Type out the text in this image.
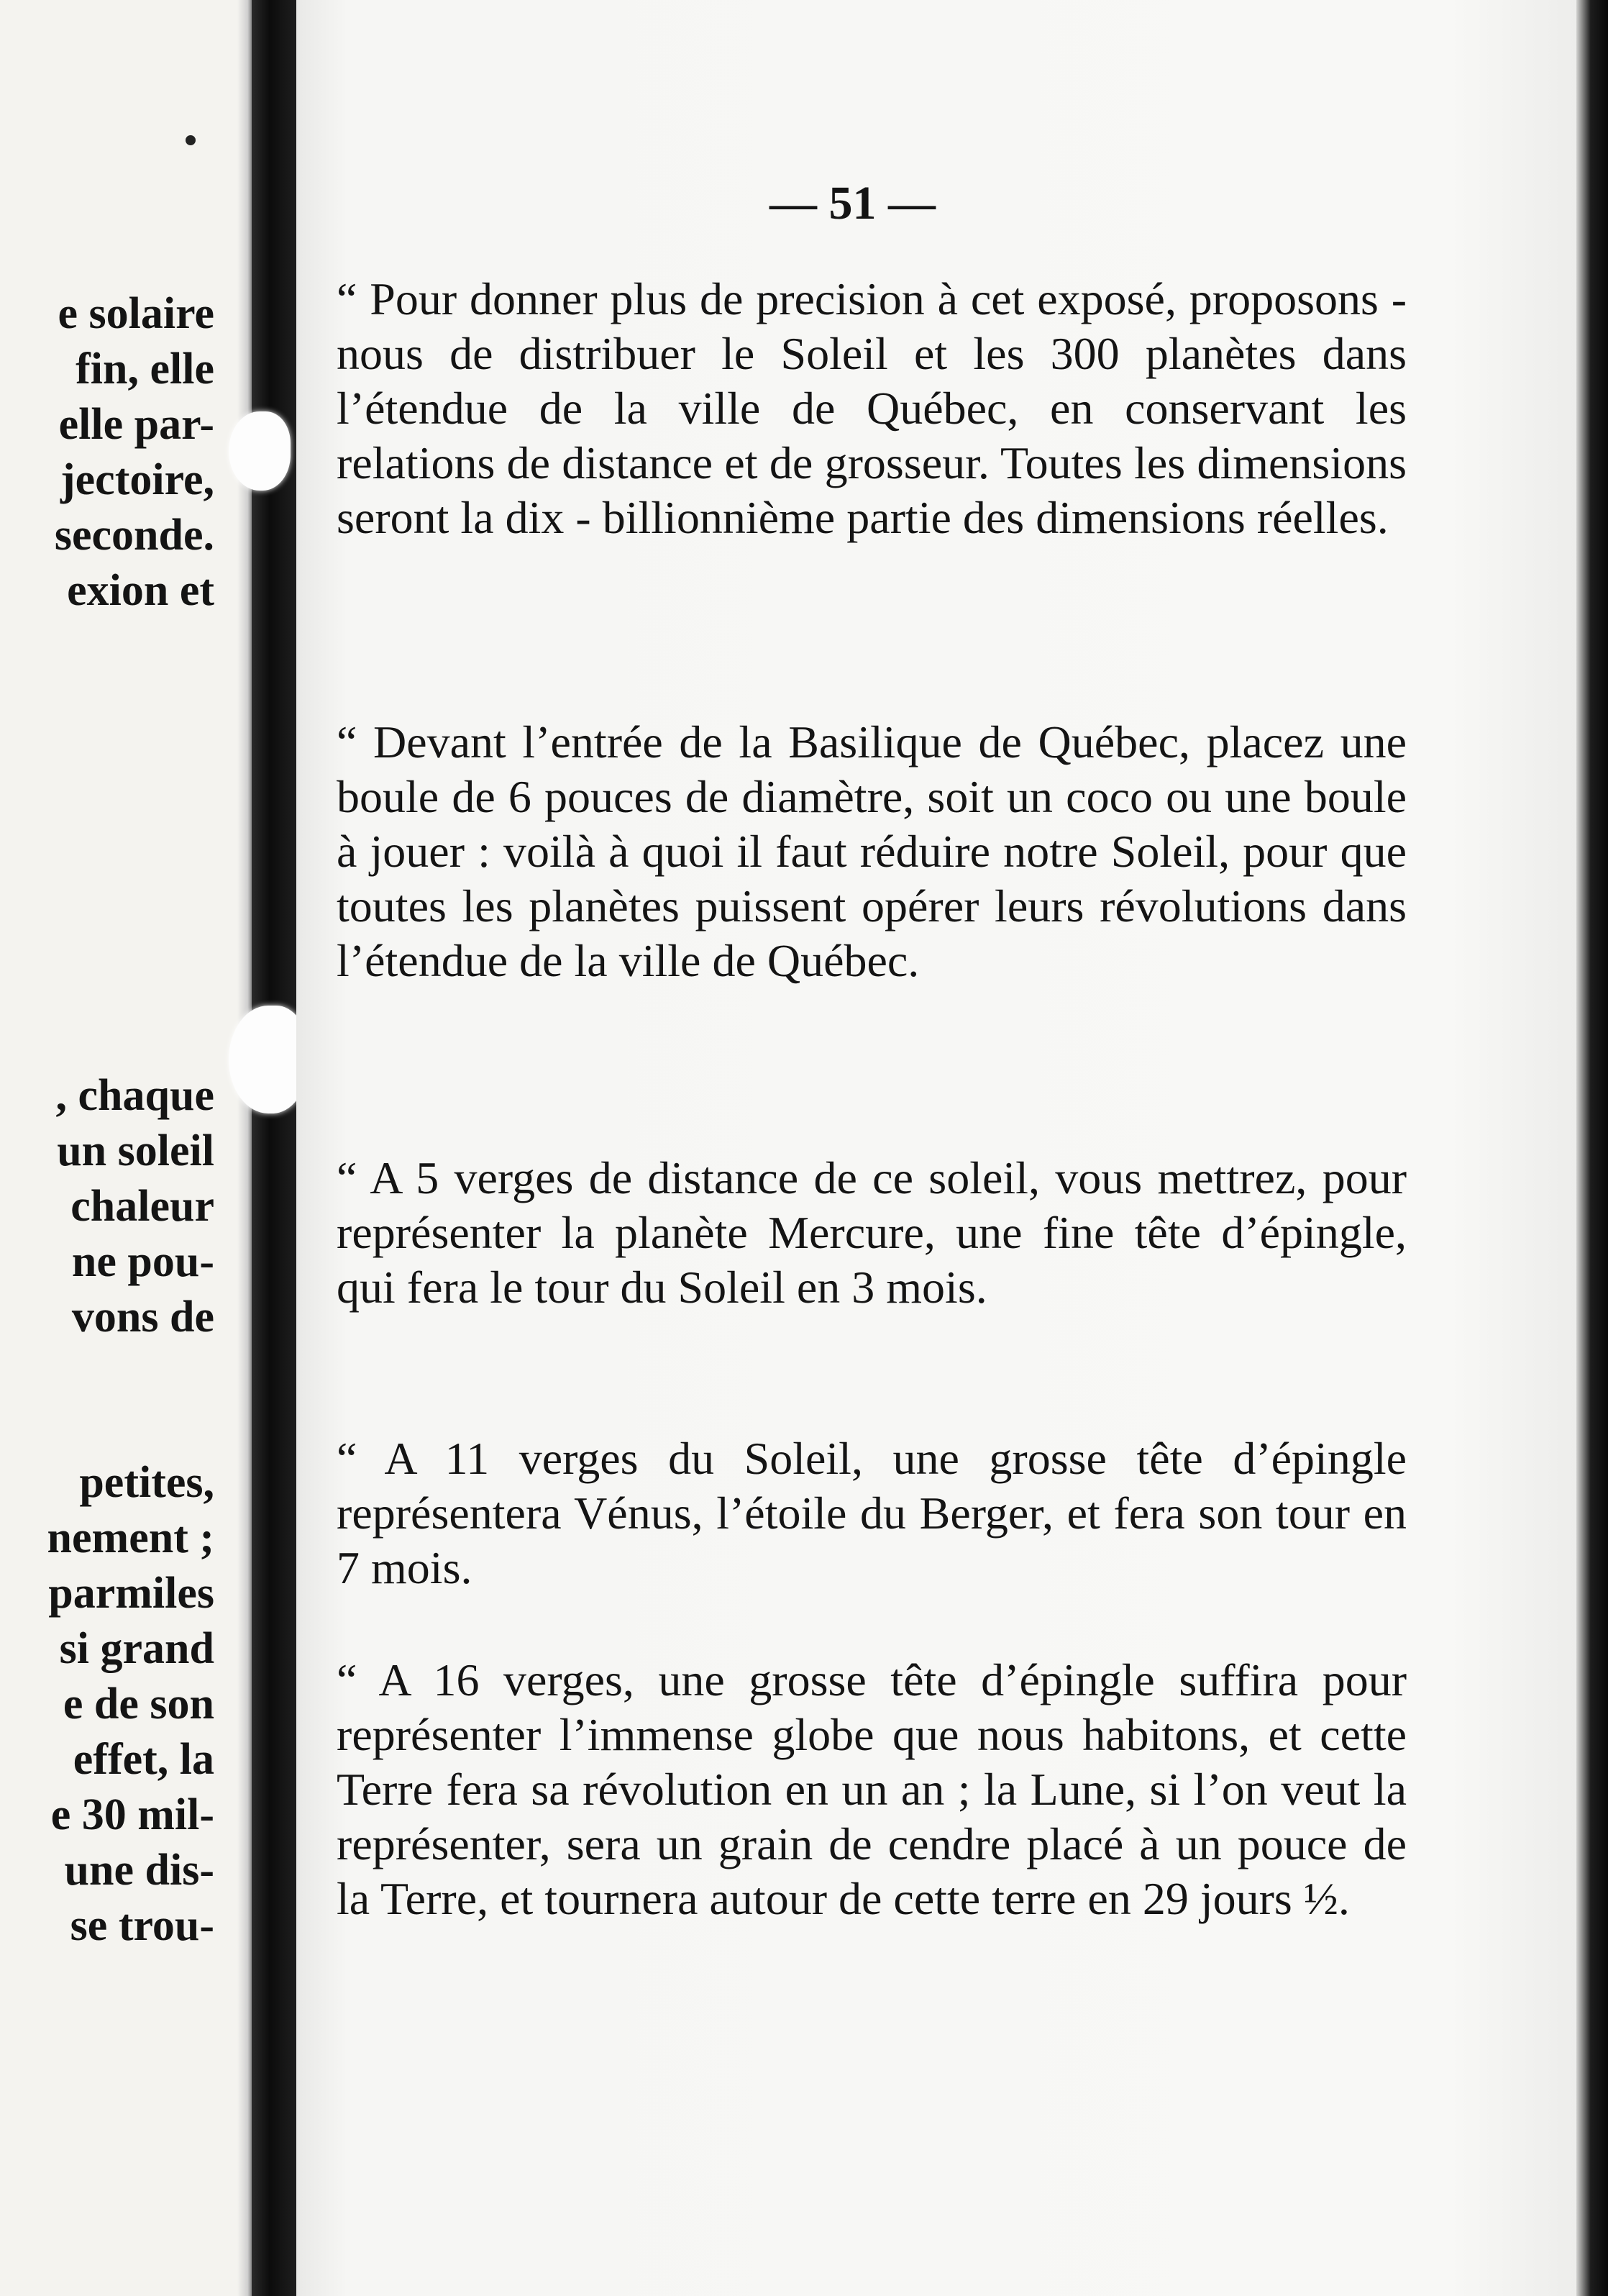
e solaire
fin, elle
elle par-
jectoire,
seconde.
exion et
, chaque
un soleil
chaleur
ne pou-
vons de
petites,
nement ;
parmiles
si grand
e de son
effet, la
e 30 mil-
une dis-
se trou-
— 51 —

“ Pour donner plus de precision à cet exposé, proposons - nous de distribuer le Soleil et les 300 planètes dans l’étendue de la ville de Québec, en conservant les relations de distance et de grosseur. Toutes les dimensions seront la dix - billionnième partie des dimensions réelles.

“ Devant l’entrée de la Basilique de Québec, placez une boule de 6 pouces de diamètre, soit un coco ou une boule à jouer : voilà à quoi il faut réduire notre Soleil, pour que toutes les planètes puissent opérer leurs révolutions dans l’étendue de la ville de Québec.

“ A 5 verges de distance de ce soleil, vous mettrez, pour représenter la planète Mercure, une fine tête d’épingle, qui fera le tour du Soleil en 3 mois.

“ A 11 verges du Soleil, une grosse tête d’épingle représentera Vénus, l’étoile du Berger, et fera son tour en 7 mois.

“ A 16 verges, une grosse tête d’épingle suffira pour représenter l’immense globe que nous habitons, et cette Terre fera sa révolution en un an ; la Lune, si l’on veut la représenter, sera un grain de cendre placé à un pouce de la Terre, et tournera autour de cette terre en 29 jours ½.
